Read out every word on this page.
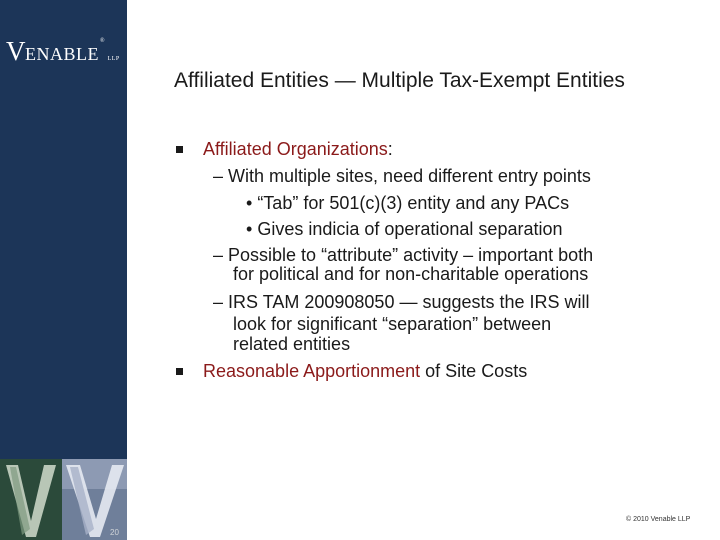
VENABLE®LLP
20
Affiliated Entities — Multiple Tax-Exempt Entities
Affiliated Organizations:
– With multiple sites, need different entry points
• “Tab” for 501(c)(3) entity and any PACs
• Gives indicia of operational separation
– Possible to “attribute” activity – important both
for political and for non-charitable operations
– IRS TAM 200908050 — suggests the IRS will
look for significant “separation” between
related entities
Reasonable Apportionment of Site Costs
© 2010 Venable LLP
